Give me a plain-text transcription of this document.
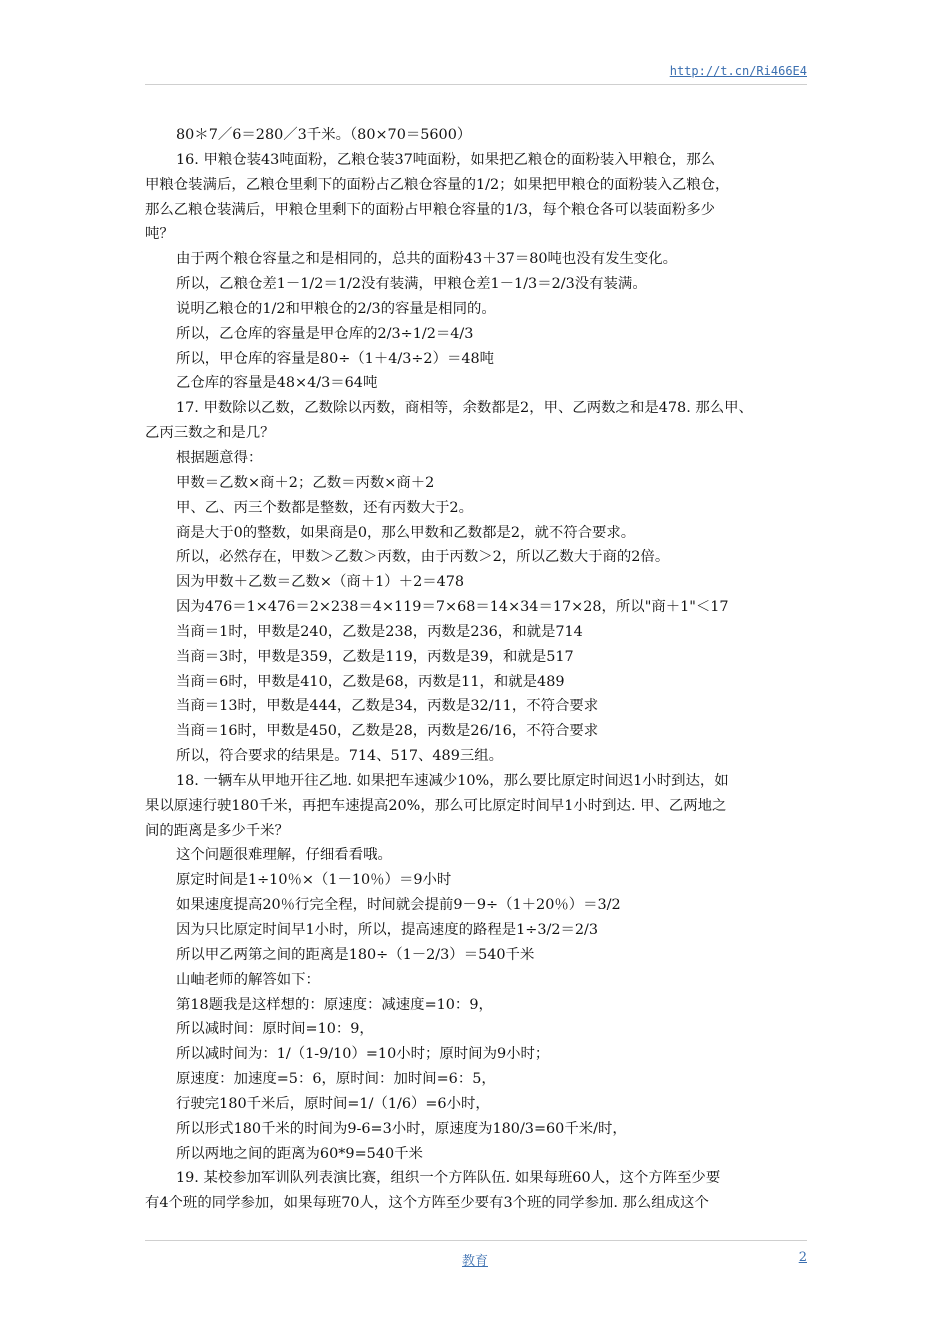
http://t.cn/Ri466E4
80＊7／6＝280／3千米。（80×70＝5600）
16. 甲粮仓装43吨面粉，乙粮仓装37吨面粉，如果把乙粮仓的面粉装入甲粮仓，那么
甲粮仓装满后，乙粮仓里剩下的面粉占乙粮仓容量的1/2；如果把甲粮仓的面粉装入乙粮仓，
那么乙粮仓装满后，甲粮仓里剩下的面粉占甲粮仓容量的1/3，每个粮仓各可以装面粉多少
吨？
由于两个粮仓容量之和是相同的，总共的面粉43＋37＝80吨也没有发生变化。
所以，乙粮仓差1－1/2＝1/2没有装满，甲粮仓差1－1/3＝2/3没有装满。
说明乙粮仓的1/2和甲粮仓的2/3的容量是相同的。
所以，乙仓库的容量是甲仓库的2/3÷1/2＝4/3
所以，甲仓库的容量是80÷（1＋4/3÷2）＝48吨
乙仓库的容量是48×4/3＝64吨
17. 甲数除以乙数，乙数除以丙数，商相等，余数都是2，甲、乙两数之和是478. 那么甲、
乙丙三数之和是几？
根据题意得：
甲数＝乙数×商＋2；乙数＝丙数×商＋2
甲、乙、丙三个数都是整数，还有丙数大于2。
商是大于0的整数，如果商是0，那么甲数和乙数都是2，就不符合要求。
所以，必然存在，甲数＞乙数＞丙数，由于丙数＞2，所以乙数大于商的2倍。
因为甲数＋乙数＝乙数×（商＋1）＋2＝478
因为476＝1×476＝2×238＝4×119＝7×68＝14×34＝17×28，所以"商＋1"＜17
当商＝1时，甲数是240，乙数是238，丙数是236，和就是714
当商＝3时，甲数是359，乙数是119，丙数是39，和就是517
当商＝6时，甲数是410，乙数是68，丙数是11，和就是489
当商＝13时，甲数是444，乙数是34，丙数是32/11，不符合要求
当商＝16时，甲数是450，乙数是28，丙数是26/16，不符合要求
所以，符合要求的结果是。714、517、489三组。
18. 一辆车从甲地开往乙地. 如果把车速减少10%，那么要比原定时间迟1小时到达，如
果以原速行驶180千米，再把车速提高20%，那么可比原定时间早1小时到达. 甲、乙两地之
间的距离是多少千米？
这个问题很难理解，仔细看看哦。
原定时间是1÷10％×（1－10％）＝9小时
如果速度提高20％行完全程，时间就会提前9－9÷（1＋20％）＝3/2
因为只比原定时间早1小时，所以，提高速度的路程是1÷3/2＝2/3
所以甲乙两第之间的距离是180÷（1－2/3）＝540千米
山岫老师的解答如下：
第18题我是这样想的：原速度：减速度=10：9，
所以减时间：原时间=10：9，
所以减时间为：1/（1-9/10）=10小时；原时间为9小时；
原速度：加速度=5：6，原时间：加时间=6：5，
行驶完180千米后，原时间=1/（1/6）=6小时，
所以形式180千米的时间为9-6=3小时，原速度为180/3=60千米/时，
所以两地之间的距离为60*9=540千米
19. 某校参加军训队列表演比赛，组织一个方阵队伍. 如果每班60人，这个方阵至少要
有4个班的同学参加，如果每班70人，这个方阵至少要有3个班的同学参加. 那么组成这个
教育	2
